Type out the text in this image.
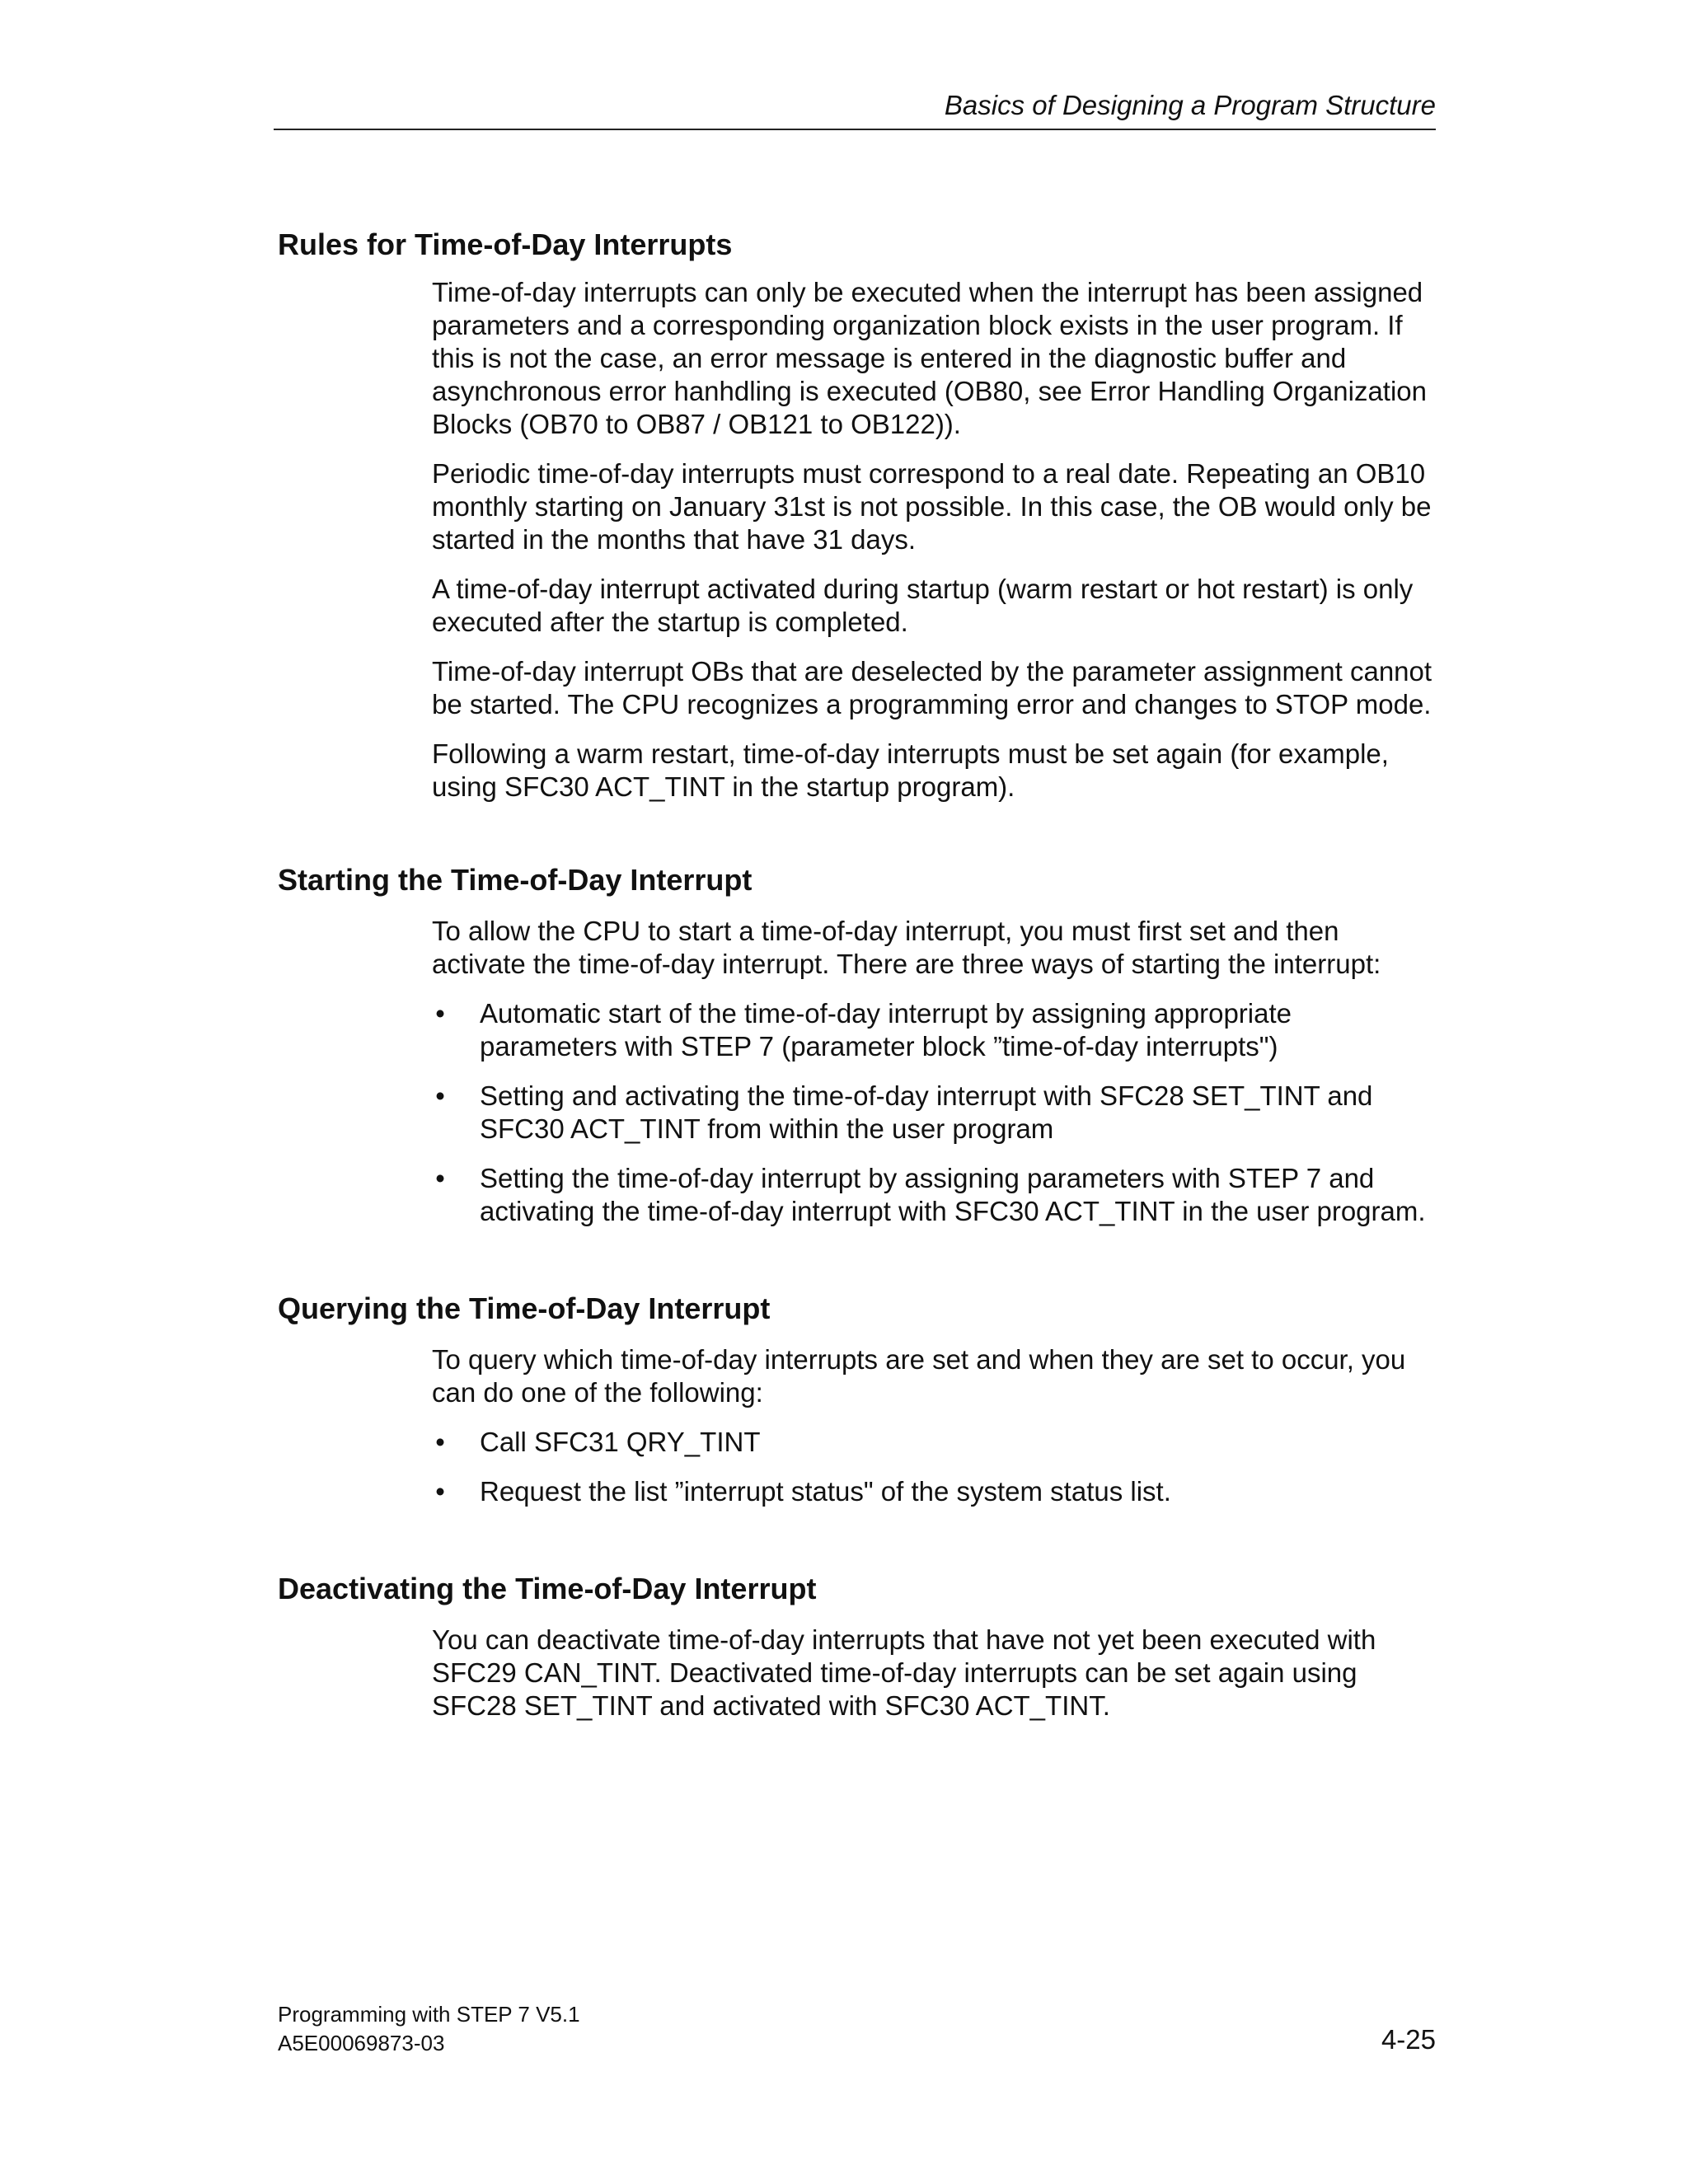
Basics of Designing a Program Structure
Rules for Time-of-Day Interrupts

Time-of-day interrupts can only be executed when the interrupt has been assigned parameters and a corresponding organization block exists in the user program. If this is not the case, an error message is entered in the diagnostic buffer and asynchronous error hanhdling is executed (OB80, see Error Handling Organization Blocks (OB70 to OB87 / OB121 to OB122)).

Periodic time-of-day interrupts must correspond to a real date. Repeating an OB10 monthly starting on January 31st is not possible. In this case, the OB would only be started in the months that have 31 days.

A time-of-day interrupt activated during startup (warm restart or hot restart) is only executed after the startup is completed.

Time-of-day interrupt OBs that are deselected by the parameter assignment cannot be started. The CPU recognizes a programming error and changes to STOP mode.

Following a warm restart, time-of-day interrupts must be set again (for example, using SFC30 ACT_TINT in the startup program).

Starting the Time-of-Day Interrupt

To allow the CPU to start a time-of-day interrupt, you must first set and then activate the time-of-day interrupt. There are three ways of starting the interrupt:

• Automatic start of the time-of-day interrupt by assigning appropriate parameters with STEP 7 (parameter block ”time-of-day interrupts")
• Setting and activating the time-of-day interrupt with SFC28 SET_TINT and SFC30 ACT_TINT from within the user program
• Setting the time-of-day interrupt by assigning parameters with STEP 7 and activating the time-of-day interrupt with SFC30 ACT_TINT in the user program.
Querying the Time-of-Day Interrupt

To query which time-of-day interrupts are set and when they are set to occur, you can do one of the following:

• Call SFC31 QRY_TINT
• Request the list ”interrupt status" of the system status list.
Deactivating the Time-of-Day Interrupt

You can deactivate time-of-day interrupts that have not yet been executed with SFC29 CAN_TINT. Deactivated time-of-day interrupts can be set again using SFC28 SET_TINT and activated with SFC30 ACT_TINT.

Programming with STEP 7 V5.1
A5E00069873-03	4-25
